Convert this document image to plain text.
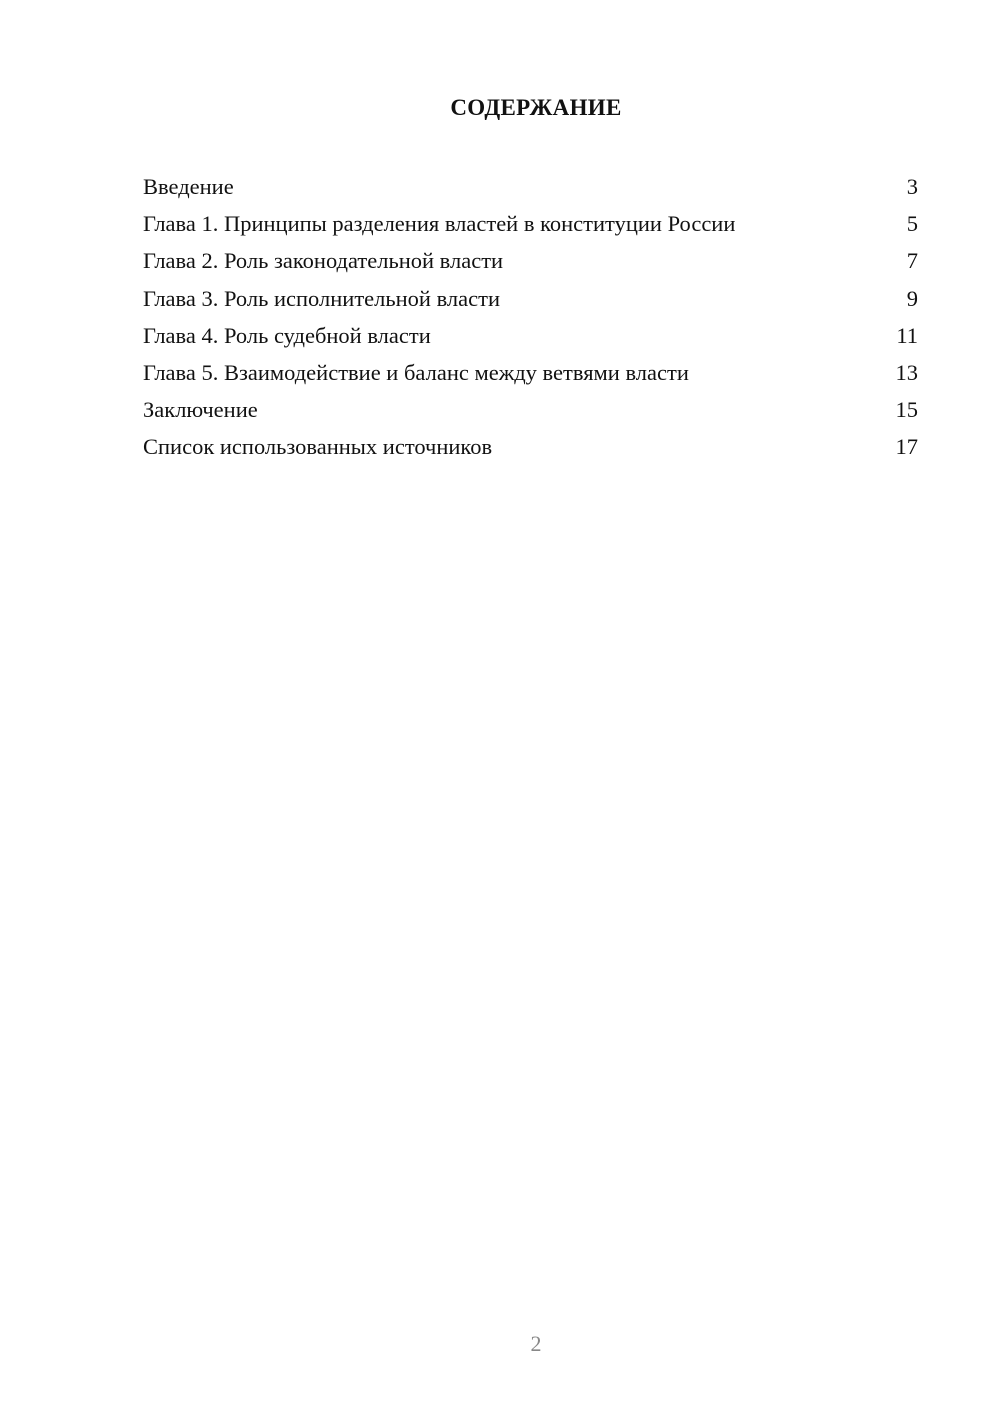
СОДЕРЖАНИЕ
Введение	3
Глава 1. Принципы разделения властей в конституции России	5
Глава 2. Роль законодательной власти	7
Глава 3. Роль исполнительной власти	9
Глава 4. Роль судебной власти	11
Глава 5. Взаимодействие и баланс между ветвями власти	13
Заключение	15
Список использованных источников	17
2
